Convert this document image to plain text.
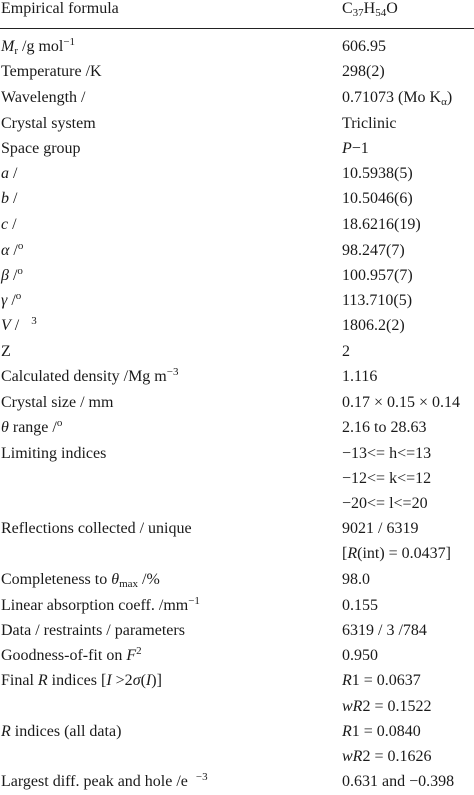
Empirical formula	$C_{37}H_{54}O$
$M_r$ /g mol$^{-1}$	606.95
Temperature /K	298(2)
Wavelength /	0.71073 (Mo $K_\alpha$)
Crystal system	Triclinic
Space group	P−1
a /	10.5938(5)
b /	10.5046(6)
c /	18.6216(19)
α /$^o$	98.247(7)
β /$^o$	100.957(7)
γ /$^o$	113.710(5)
V / $^3$	1806.2(2)
Z	2
Calculated density /Mg $m^{-3}$	1.116
Crystal size / mm	0.17 × 0.15 × 0.14
θ range /$^o$	2.16 to 28.63
Limiting indices	−13<= h<=13
−12<= k<=12
−20<= l<=20
Reflections collected / unique	9021 / 6319
[R(int) = 0.0437]
Completeness to $\theta_{max}$ /%	98.0
Linear absorption coeff. $/mm^{-1}$	0.155
Data / restraints / parameters	6319 / 3 /784
Goodness-of-fit on $F^2$	0.950
Final R indices [I >2σ(I)]	R1 = 0.0637
wR2 = 0.1522
R indices (all data)	R1 = 0.0840
wR2 = 0.1626
Largest diff. peak and hole /e $^{-3}$	0.631 and −0.398
